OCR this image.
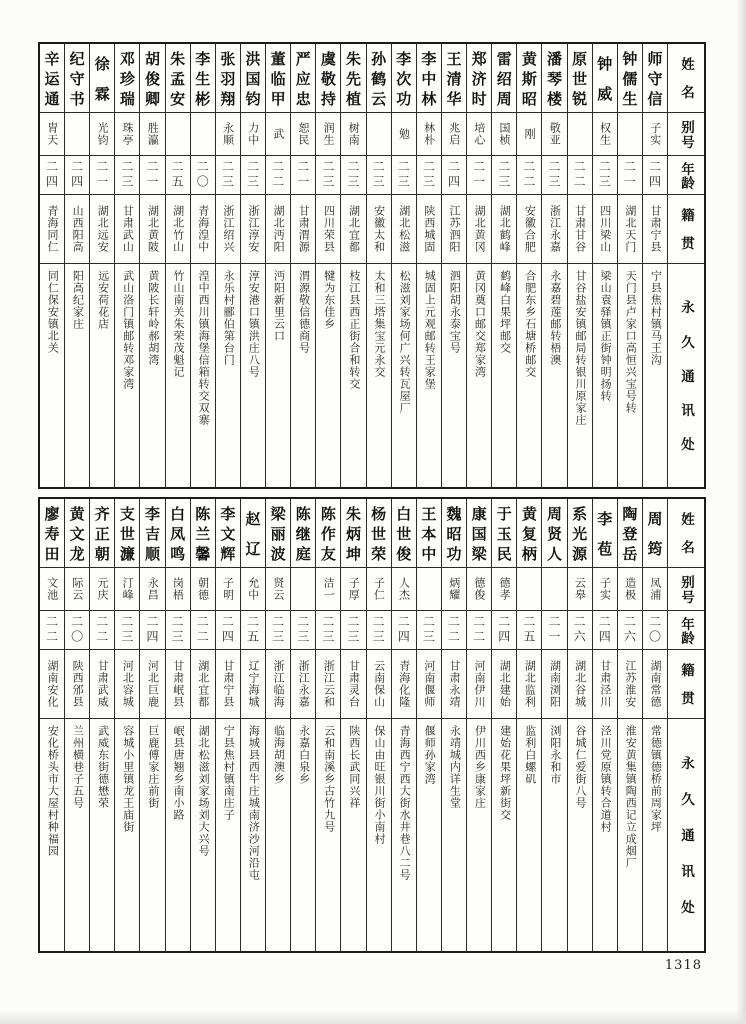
姓
名
别
号
年
龄
籍
贯
永
久
通
讯
处
师
守
信
子实
二四
甘肃宁县
宁县焦村镇马王沟
钟
儒
生
二一
湖北天门
天门县卢家口高恒兴宝号转
钟
威
权生
二三
四川梁山
梁山袁驿镇正街钟明扬转
原
世
锐
二二
甘肃甘谷
甘谷盐安镇邮局转银川原家庄
潘
琴
楼
敬亚
二三
浙江永嘉
永嘉碧莲邮转梧澳
黄
斯
昭
刚
二二
安徽合肥
合肥东乡石塘桥邮交
雷
绍
周
国桢
二三
湖北鹤峰
鹤峰白果坪邮交
郑
济
时
培心
二一
湖北黄冈
黄冈奠口邮交郑家湾
王
清
华
兆启
二四
江苏泗阳
泗阳胡永泰宝号
李
中
林
林朴
二三
陕西城固
城固上元观邮转王家堡
李
次
功
勉
二三
湖北松滋
松滋刘家场何广兴转瓦屋厂
孙
鹤
云
二三
安徽太和
太和三塔集宝元永交
朱
先
植
树南
二三
湖北宜都
枝江县西正街合和转交
虞
敬
持
润生
二三
四川荣县
犍为东佳乡
严
应
忠
恕民
二一
甘肃渭源
渭源敬信德商号
董
临
甲
武
二二
湖北沔阳
沔阳新里云口
洪
国
钧
力中
二三
浙江淳安
淳安港口镇洪庄八号
张
羽
翔
永顺
二三
浙江绍兴
永乐村郦伯第台门
李
生
彬
二〇
青海湟中
湟中西川镇海堡信箱转交双寨
朱
孟
安
二五
湖北竹山
竹山南关朱荣茂魁记
胡
俊
卿
胜瀛
二一
湖北黄陂
黄陂长轩岭郝胡湾
邓
珍
瑞
珠亭
二三
甘肃武山
武山洛门镇邮转邓家湾
徐
霖
光钧
二一
湖北远安
远安荷花店
纪
守
书
二四
山西阳高
阳高纪家庄
辛
运
通
胄天
二四
青海同仁
同仁保安镇北关
姓
名
别
号
年
龄
籍
贯
永
久
通
讯
处
周
筠
凤浦
二〇
湖南常德
常德镇德桥前周家坪
陶
登
岳
造极
二六
江苏淮安
淮安黄集镇陶西记立成烟厂
李
苞
子实
二四
甘肃泾川
泾川党原镇转合道村
系
光
源
云皋
二六
湖北谷城
谷城仁爱街八号
周
贤
人
二一
湖南浏阳
浏阳永和市
黄
复
柄
二五
湖北监利
监利白螺矶
于
玉
民
德孝
二四
湖北建始
建始花果坪新街交
康
国
梁
德俊
二二
河南伊川
伊川西乡康家庄
魏
昭
功
炳耀
二二
甘肃永靖
永靖城内详生堂
王
本
中
二三
河南偃师
偃师孙家湾
白
世
俊
人杰
二四
青海化隆
青海西宁西大街水井巷八二号
杨
世
荣
子仁
二三
云南保山
保山由旺银川街小南村
朱
炳
坤
子厚
二三
甘肃灵台
陕西长武同兴祥
陈
作
友
洁一
二三
浙江云和
云和南溪乡古竹九号
陈
继
庭
二三
浙江永嘉
永嘉白泉乡
梁
丽
波
贤云
二三
浙江临海
临海胡澳乡
赵
辽
允中
二五
辽宁海城
海城县西牛庄城南济沙河沿屯
李
文
辉
子明
二四
甘肃宁县
宁县焦村镇南庄子
陈
兰
馨
朝德
二二
湖北宜都
湖北松滋刘家场刘大兴号
白
凤
鸣
岗梧
二三
甘肃岷县
岷县唐翘乡南小路
李
吉
顺
永昌
二四
河北巨鹿
巨鹿傅家庄前街
支
世
濂
汀峰
二三
河北容城
容城小里镇龙王庙街
齐
正
朝
元庆
二二
甘肃武威
武威东街德懋荣
黄
文
龙
际云
二〇
陕西邠县
兰州横巷子五号
廖
寿
田
文池
二二
湖南安化
安化桥头市大屋村种福园
1318
